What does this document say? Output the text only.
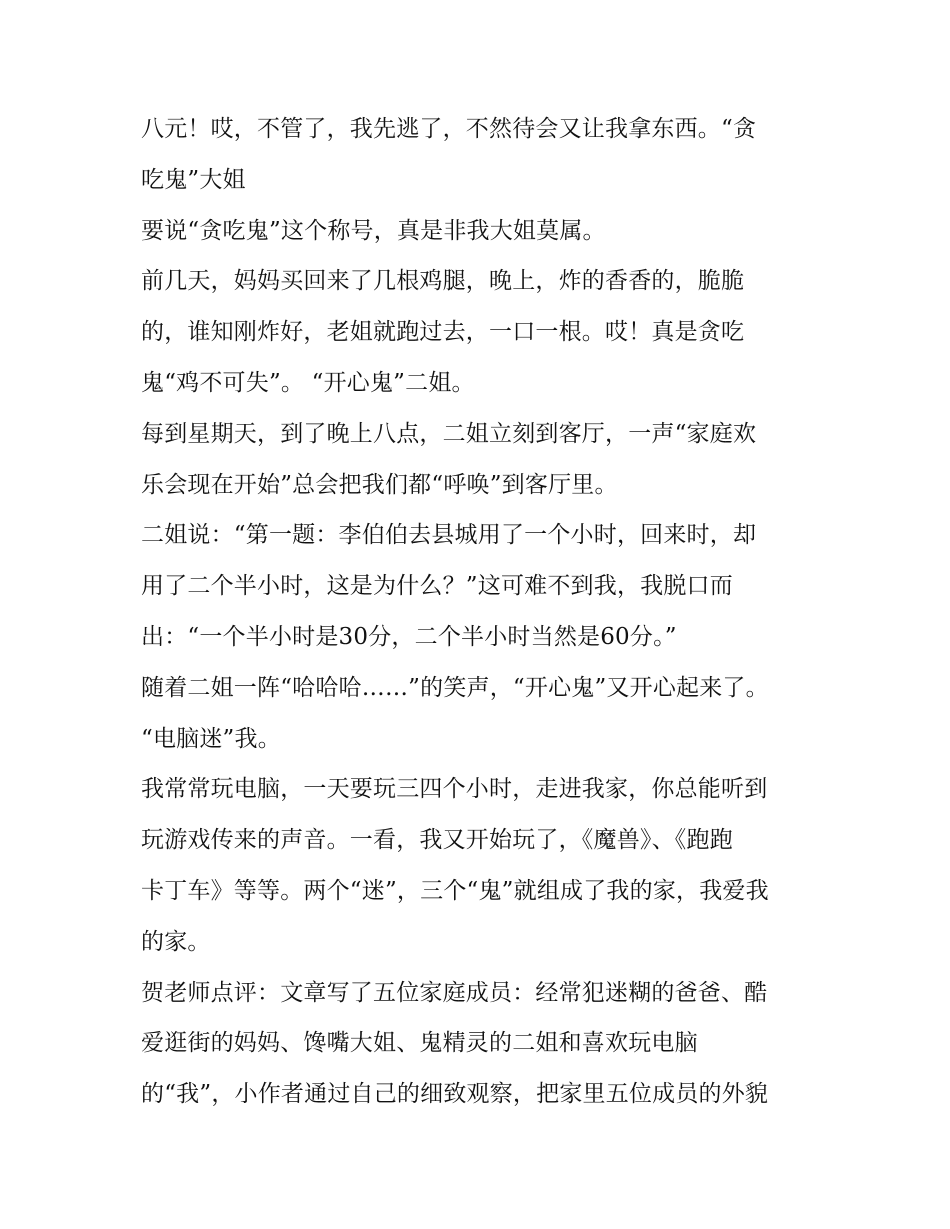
八元！哎，不管了，我先逃了，不然待会又让我拿东西。“贪
吃鬼”大姐
要说“贪吃鬼”这个称号，真是非我大姐莫属。
前几天，妈妈买回来了几根鸡腿，晚上，炸的香香的，脆脆
的，谁知刚炸好，老姐就跑过去，一口一根。哎！真是贪吃
鬼“鸡不可失”。 “开心鬼”二姐。
每到星期天，到了晚上八点，二姐立刻到客厅，一声“家庭欢
乐会现在开始”总会把我们都“呼唤”到客厅里。
二姐说：“第一题：李伯伯去县城用了一个小时，回来时，却
用了二个半小时，这是为什么？”这可难不到我，我脱口而
出：“一个半小时是30分，二个半小时当然是60分。”
随着二姐一阵“哈哈哈……”的笑声，“开心鬼”又开心起来了。
“电脑迷”我。
我常常玩电脑，一天要玩三四个小时，走进我家，你总能听到
玩游戏传来的声音。一看，我又开始玩了，《魔兽》、《跑跑
卡丁车》等等。两个“迷”，三个“鬼”就组成了我的家，我爱我
的家。
贺老师点评：文章写了五位家庭成员：经常犯迷糊的爸爸、酷
爱逛街的妈妈、馋嘴大姐、鬼精灵的二姐和喜欢玩电脑
的“我”，小作者通过自己的细致观察，把家里五位成员的外貌
